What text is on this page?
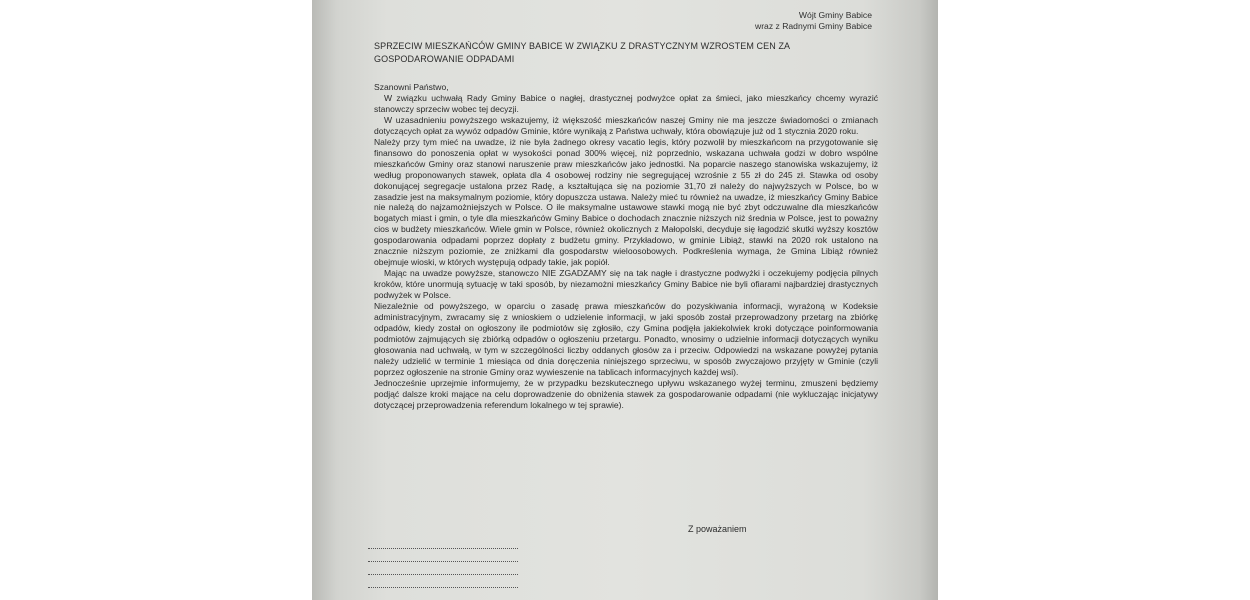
Wójt Gminy Babice
wraz z Radnymi Gminy Babice
SPRZECIW MIESZKAŃCÓW GMINY BABICE W ZWIĄZKU Z DRASTYCZNYM WZROSTEM CEN ZA
GOSPODAROWANIE ODPADAMI

Szanowni Państwo,

W związku uchwałą Rady Gminy Babice o nagłej, drastycznej podwyżce opłat za śmieci, jako mieszkańcy chcemy wyrazić stanowczy sprzeciw wobec tej decyzji.

W uzasadnieniu powyższego wskazujemy, iż większość mieszkańców naszej Gminy nie ma jeszcze świadomości o zmianach dotyczących opłat za wywóz odpadów Gminie, które wynikają z Państwa uchwały, która obowiązuje już od 1 stycznia 2020 roku.

Należy przy tym mieć na uwadze, iż nie była żadnego okresy vacatio legis, który pozwolił by mieszkańcom na przygotowanie się finansowo do ponoszenia opłat w wysokości ponad 300% więcej, niż poprzednio, wskazana uchwała godzi w dobro wspólne mieszkańców Gminy oraz stanowi naruszenie praw mieszkańców jako jednostki. Na poparcie naszego stanowiska wskazujemy, iż według proponowanych stawek, opłata dla 4 osobowej rodziny nie segregującej wzrośnie z 55 zł do 245 zł. Stawka od osoby dokonującej segregacje ustalona przez Radę, a kształtująca się na poziomie 31,70 zł należy do najwyższych w Polsce, bo w zasadzie jest na maksymalnym poziomie, który dopuszcza ustawa. Należy mieć tu również na uwadze, iż mieszkańcy Gminy Babice nie należą do najzamożniejszych w Polsce. O ile maksymalne ustawowe stawki mogą nie być zbyt odczuwalne dla mieszkańców bogatych miast i gmin, o tyle dla mieszkańców Gminy Babice o dochodach znacznie niższych niż średnia w Polsce, jest to poważny cios w budżety mieszkańców. Wiele gmin w Polsce, również okolicznych z Małopolski, decyduje się łagodzić skutki wyższy kosztów gospodarowania odpadami poprzez dopłaty z budżetu gminy. Przykładowo, w gminie Libiąż, stawki na 2020 rok ustalono na znacznie niższym poziomie, ze zniżkami dla gospodarstw wieloosobowych. Podkreślenia wymaga, że Gmina Libiąż również obejmuje wioski, w których występują odpady takie, jak popiół.

Mając na uwadze powyższe, stanowczo NIE ZGADZAMY się na tak nagłe i drastyczne podwyżki i oczekujemy podjęcia pilnych kroków, które unormują sytuację w taki sposób, by niezamożni mieszkańcy Gminy Babice nie byli ofiarami najbardziej drastycznych podwyżek w Polsce.

Niezależnie od powyższego, w oparciu o zasadę prawa mieszkańców do pozyskiwania informacji, wyrażoną w Kodeksie administracyjnym, zwracamy się z wnioskiem o udzielenie informacji, w jaki sposób został przeprowadzony przetarg na zbiórkę odpadów, kiedy został on ogłoszony ile podmiotów się zgłosiło, czy Gmina podjęła jakiekolwiek kroki dotyczące poinformowania podmiotów zajmujących się zbiórką odpadów o ogłoszeniu przetargu. Ponadto, wnosimy o udzielnie informacji dotyczących wyniku głosowania nad uchwałą, w tym w szczególności liczby oddanych głosów za i przeciw. Odpowiedzi na wskazane powyżej pytania należy udzielić w terminie 1 miesiąca od dnia doręczenia niniejszego sprzeciwu, w sposób zwyczajowo przyjęty w Gminie (czyli poprzez ogłoszenie na stronie Gminy oraz wywieszenie na tablicach informacyjnych każdej wsi).

Jednocześnie uprzejmie informujemy, że w przypadku bezskutecznego upływu wskazanego wyżej terminu, zmuszeni będziemy podjąć dalsze kroki mające na celu doprowadzenie do obniżenia stawek za gospodarowanie odpadami (nie wykluczając inicjatywy dotyczącej przeprowadzenia referendum lokalnego w tej sprawie).

Z poważaniem
